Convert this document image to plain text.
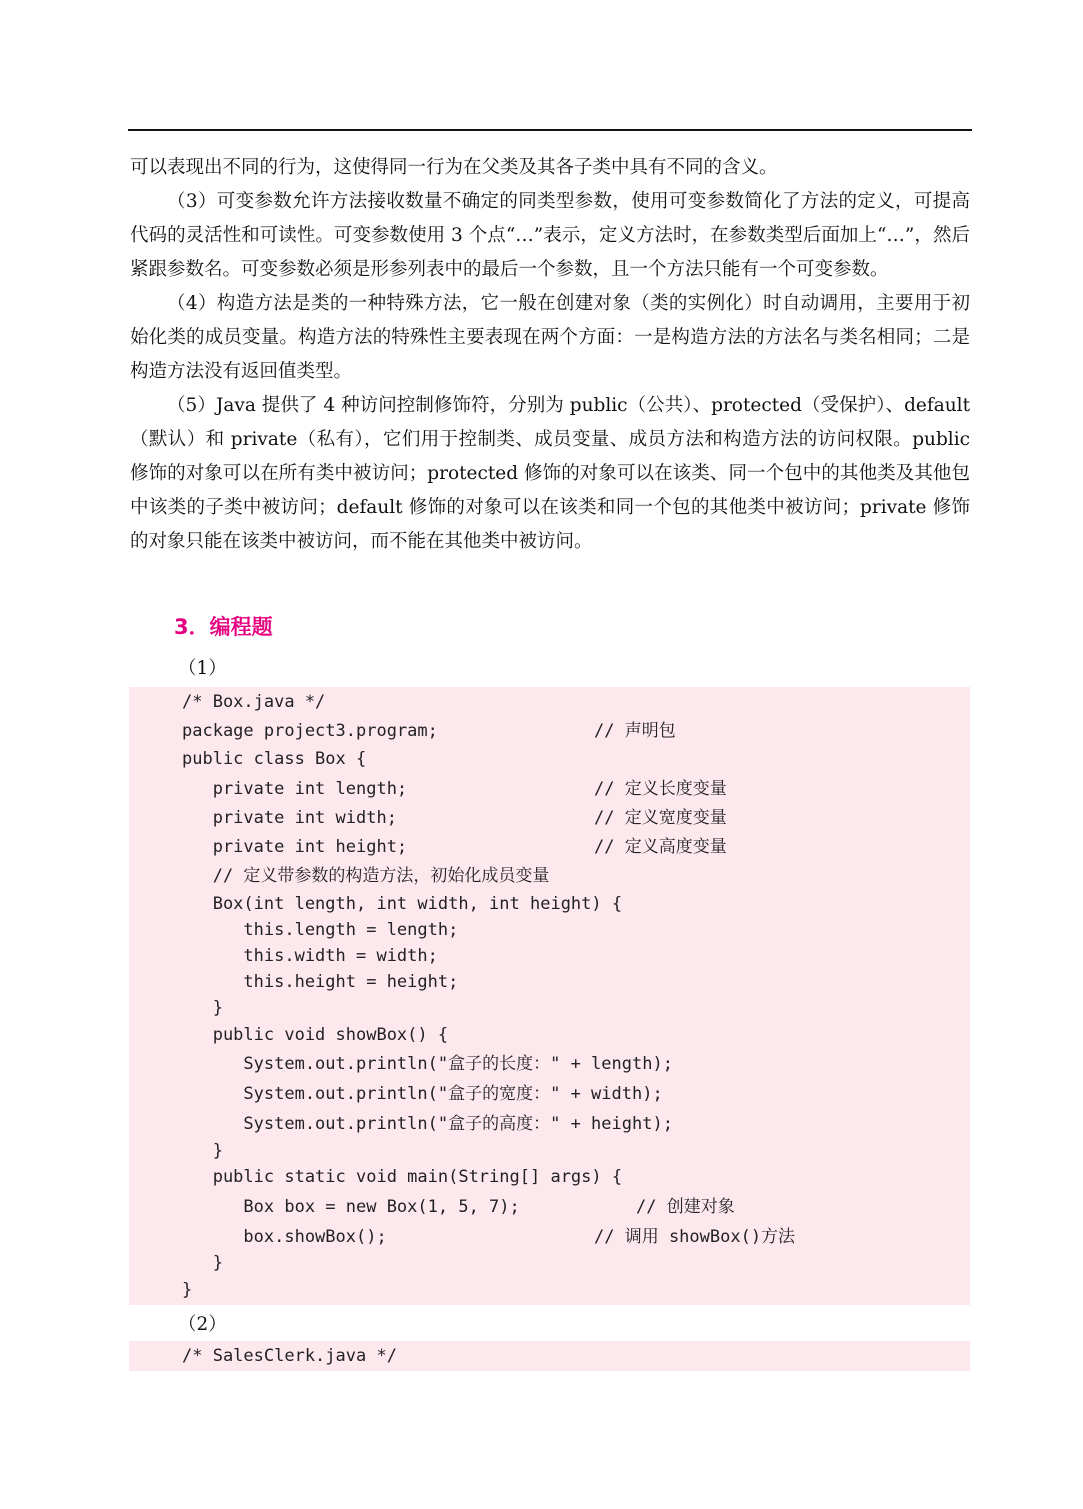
可以表现出不同的行为，这使得同一行为在父类及其各子类中具有不同的含义。

（3）可变参数允许方法接收数量不确定的同类型参数，使用可变参数简化了方法的定义，可提高代码的灵活性和可读性。可变参数使用 3 个点“…”表示，定义方法时，在参数类型后面加上“…”，然后紧跟参数名。可变参数必须是形参列表中的最后一个参数，且一个方法只能有一个可变参数。

（4）构造方法是类的一种特殊方法，它一般在创建对象（类的实例化）时自动调用，主要用于初始化类的成员变量。构造方法的特殊性主要表现在两个方面：一是构造方法的方法名与类名相同；二是构造方法没有返回值类型。

（5）Java 提供了 4 种访问控制修饰符，分别为 public（公共）、protected（受保护）、default（默认）和 private（私有），它们用于控制类、成员变量、成员方法和构造方法的访问权限。public 修饰的对象可以在所有类中被访问；protected 修饰的对象可以在该类、同一个包中的其他类及其他包中该类的子类中被访问；default 修饰的对象可以在该类和同一个包的其他类中被访问；private 修饰的对象只能在该类中被访问，而不能在其他类中被访问。

3．编程题
（1）
/* Box.java */
package project3.program;	// 声明包
public class Box {
private int length;	// 定义长度变量
private int width;	// 定义宽度变量
private int height;	// 定义高度变量
// 定义带参数的构造方法，初始化成员变量
Box(int length, int width, int height) {
this.length = length;
this.width = width;
this.height = height;
}
public void showBox() {
System.out.println("盒子的长度：" + length);
System.out.println("盒子的宽度：" + width);
System.out.println("盒子的高度：" + height);
}
public static void main(String[] args) {
Box box = new Box(1, 5, 7);	// 创建对象
box.showBox();	// 调用 showBox()方法
}
}
（2）
/* SalesClerk.java */
